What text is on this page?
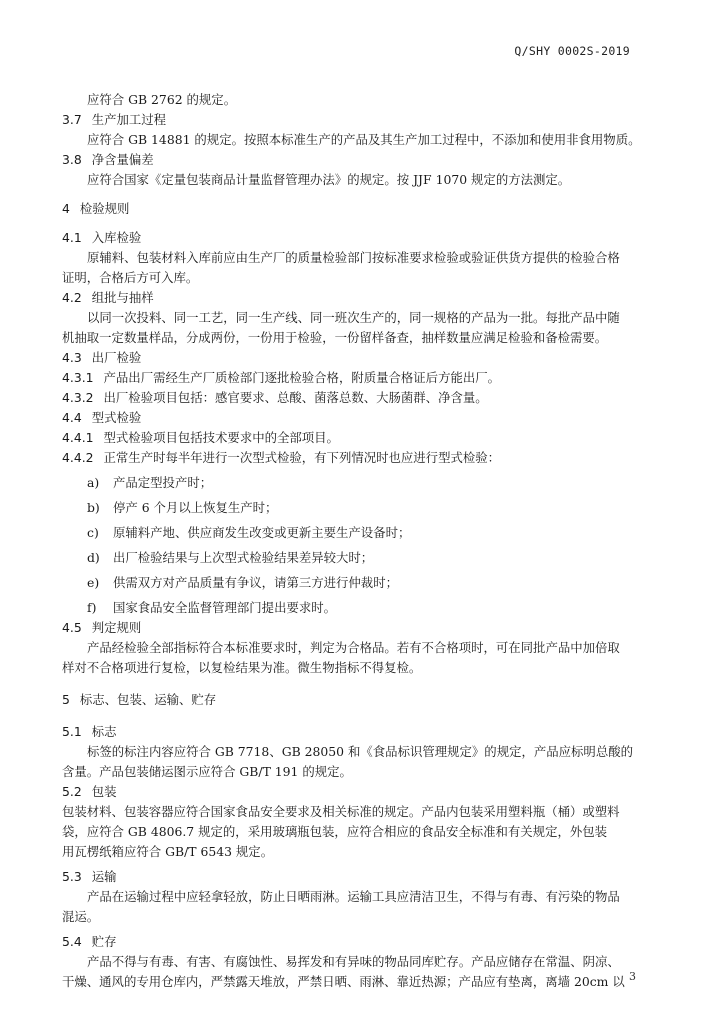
Q/SHY 0002S-2019

应符合 GB 2762 的规定。

3.7 生产加工过程

应符合 GB 14881 的规定。按照本标准生产的产品及其生产加工过程中，不添加和使用非食用物质。

3.8 净含量偏差

应符合国家《定量包装商品计量监督管理办法》的规定。按 JJF 1070 规定的方法测定。

4 检验规则

4.1 入库检验

原辅料、包装材料入库前应由生产厂的质量检验部门按标准要求检验或验证供货方提供的检验合格

证明，合格后方可入库。

4.2 组批与抽样

以同一次投料、同一工艺，同一生产线、同一班次生产的，同一规格的产品为一批。每批产品中随

机抽取一定数量样品，分成两份，一份用于检验，一份留样备查，抽样数量应满足检验和备检需要。

4.3 出厂检验

4.3.1 产品出厂需经生产厂质检部门逐批检验合格，附质量合格证后方能出厂。

4.3.2 出厂检验项目包括：感官要求、总酸、菌落总数、大肠菌群、净含量。

4.4 型式检验

4.4.1 型式检验项目包括技术要求中的全部项目。

4.4.2 正常生产时每半年进行一次型式检验，有下列情况时也应进行型式检验：

a) 产品定型投产时；
b) 停产 6 个月以上恢复生产时；
c) 原辅料产地、供应商发生改变或更新主要生产设备时；
d) 出厂检验结果与上次型式检验结果差异较大时；
e) 供需双方对产品质量有争议，请第三方进行仲裁时；
f) 国家食品安全监督管理部门提出要求时。

4.5 判定规则

产品经检验全部指标符合本标准要求时，判定为合格品。若有不合格项时，可在同批产品中加倍取

样对不合格项进行复检，以复检结果为准。微生物指标不得复检。

5 标志、包装、运输、贮存

5.1 标志

标签的标注内容应符合 GB 7718、GB 28050 和《食品标识管理规定》的规定，产品应标明总酸的

含量。产品包装储运图示应符合 GB/T 191 的规定。

5.2 包装

包装材料、包装容器应符合国家食品安全要求及相关标准的规定。产品内包装采用塑料瓶（桶）或塑料

袋，应符合 GB 4806.7 规定的，采用玻璃瓶包装，应符合相应的食品安全标准和有关规定，外包装

用瓦楞纸箱应符合 GB/T 6543 规定。

5.3 运输

产品在运输过程中应轻拿轻放，防止日晒雨淋。运输工具应清洁卫生，不得与有毒、有污染的物品

混运。

5.4 贮存

产品不得与有毒、有害、有腐蚀性、易挥发和有异味的物品同库贮存。产品应储存在常温、阴凉、

干燥、通风的专用仓库内，严禁露天堆放，严禁日晒、雨淋、靠近热源；产品应有垫离，离墙 20cm 以 3
